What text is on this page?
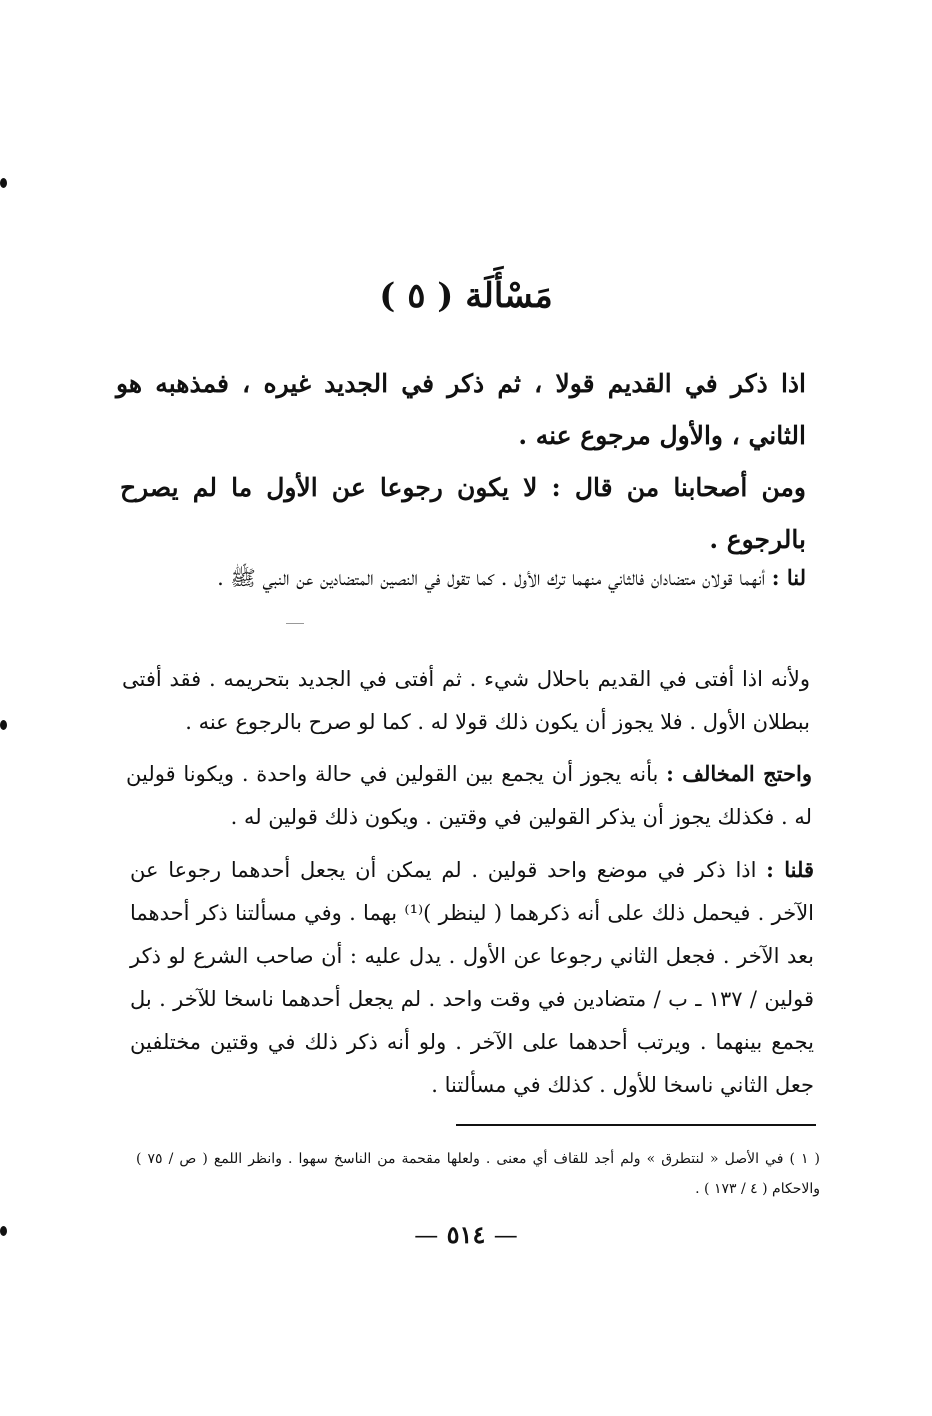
مَسْأَلَة ( ٥ )
اذا ذكر في القديم قولا ، ثم ذكر في الجديد غيره ، فمذهبه هو الثاني ، والأول مرجوع عنه .
ومن أصحابنا من قال : لا يكون رجوعا عن الأول ما لم يصرح بالرجوع .
لنا : أنهما قولان متضادان فالثاني منهما ترك الأول . كما تقول في النصين المتضادين عن النبي ﷺ .
ولأنه اذا أفتى في القديم باحلال شيء . ثم أفتى في الجديد بتحريمه . فقد أفتى ببطلان الأول . فلا يجوز أن يكون ذلك قولا له . كما لو صرح بالرجوع عنه .
واحتج المخالف : بأنه يجوز أن يجمع بين القولين في حالة واحدة . ويكونا قولين له . فكذلك يجوز أن يذكر القولين في وقتين . ويكون ذلك قولين له .
قلنا : اذا ذكر في موضع واحد قولين . لم يمكن أن يجعل أحدهما رجوعا عن الآخر . فيحمل ذلك على أنه ذكرهما ( لينظر )⁽¹⁾ بهما . وفي مسألتنا ذكر أحدهما بعد الآخر . فجعل الثاني رجوعا عن الأول . يدل عليه : أن صاحب الشرع لو ذكر قولين / ١٣٧ ـ ب / متضادين في وقت واحد . لم يجعل أحدهما ناسخا للآخر . بل يجمع بينهما . ويرتب أحدهما على الآخر . ولو أنه ذكر ذلك في وقتين مختلفين جعل الثاني ناسخا للأول . كذلك في مسألتنا .
( ١ ) في الأصل « لنتطرق » ولم أجد للقاف أي معنى . ولعلها مقحمة من الناسخ سهوا . وانظر اللمع ( ص / ٧٥ ) والاحكام ( ٤ / ١٧٣ ) .
— ٥١٤ —
